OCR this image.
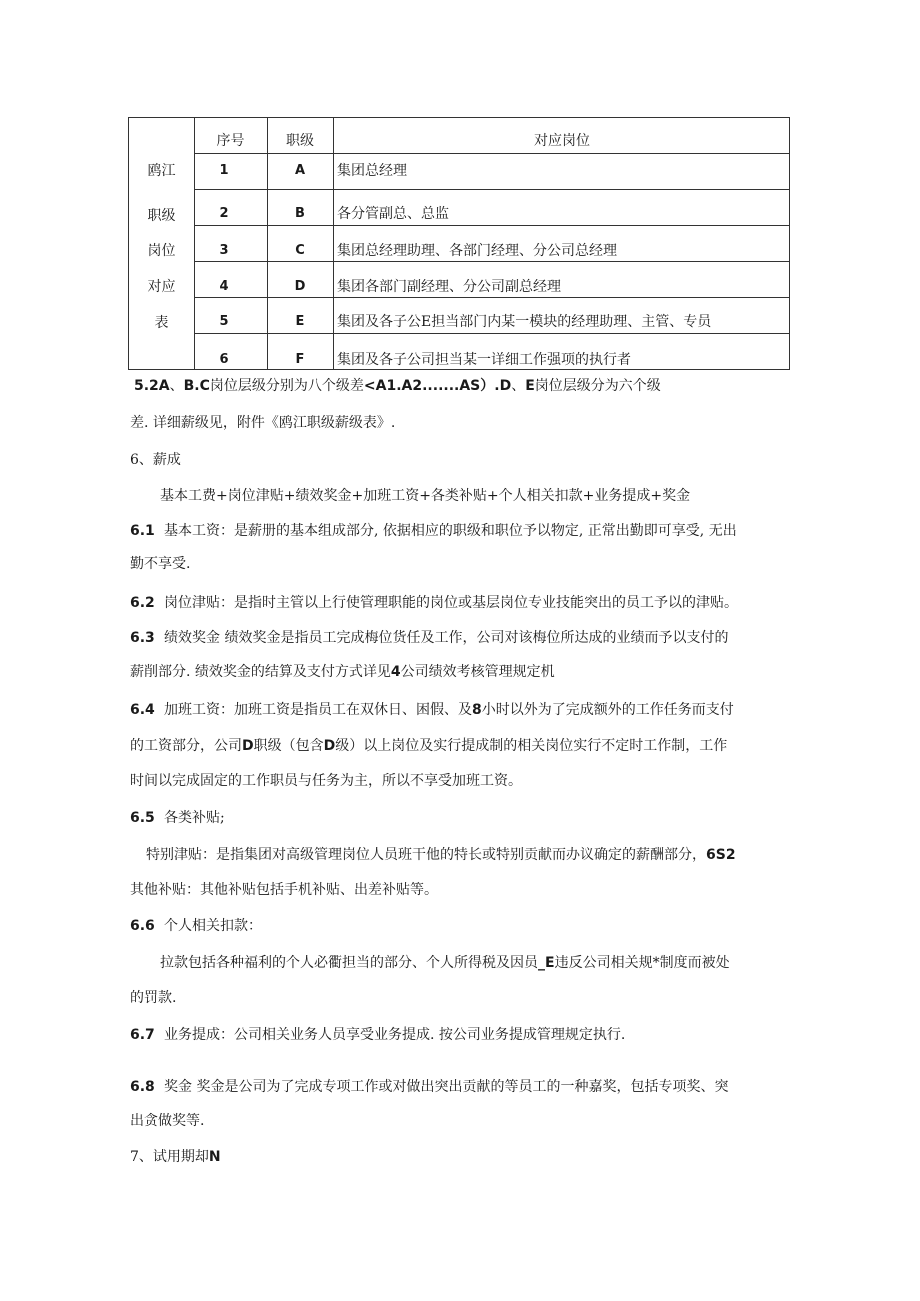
鸥江
职级
岗位
对应
表
序号	职级	对应岗位
1	A	集团总经理
2	B	各分管副总、总监
3	C	集团总经理助理、各部门经理、分公司总经理
4	D	集团各部门副经理、分公司副总经理
5	E	集团及各子公E担当部门内某一模块的经理助理、主管、专员
6	F	集团及各子公司担当某一详细工作强项的执行者
5.2A、B.C岗位层级分别为八个级差<A1.A2.......AS）.D、E岗位层级分为六个级
差. 详细薪级见，附件《鸥江职级薪级表》.
6、薪成
基本工费+岗位津贴+绩效奖金+加班工资+各类补贴+个人相关扣款+业务提成+奖金
6.1 基本工资：是薪册的基本组成部分, 依据相应的职级和职位予以物定, 正常出勤即可享受, 无出
勤不享受.
6.2 岗位津贴：是指时主管以上行使管理职能的岗位或基层岗位专业技能突出的员工予以的津贴。
6.3 绩效奖金 绩效奖金是指员工完成梅位货任及工作，公司对该梅位所达成的业绩而予以支付的
薪削部分. 绩效奖金的结算及支付方式详见4公司绩效考核管理规定机
6.4 加班工资：加班工资是指员工在双休日、困假、及8小时以外为了完成额外的工作任务而支付
的工资部分，公司D职级（包含D级）以上岗位及实行提成制的相关岗位实行不定时工作制，工作
时间以完成固定的工作职员与任务为主，所以不享受加班工资。
6.5 各类补贴;
特别津贴：是指集团对高级管理岗位人员班干他的特长或特别贡献而办议确定的薪酬部分，6S2
其他补贴：其他补贴包括手机补贴、出差补贴等。
6.6 个人相关扣款：
拉款包括各种福利的个人必衢担当的部分、个人所得税及因员_E违反公司相关规*制度而被处
的罚款.
6.7 业务提成：公司相关业务人员享受业务提成. 按公司业务提成管理规定执行.
6.8 奖金 奖金是公司为了完成专项工作或对做出突出贡献的等员工的一种嘉奖，包括专项奖、突
出贪做奖等.
7、试用期却N
